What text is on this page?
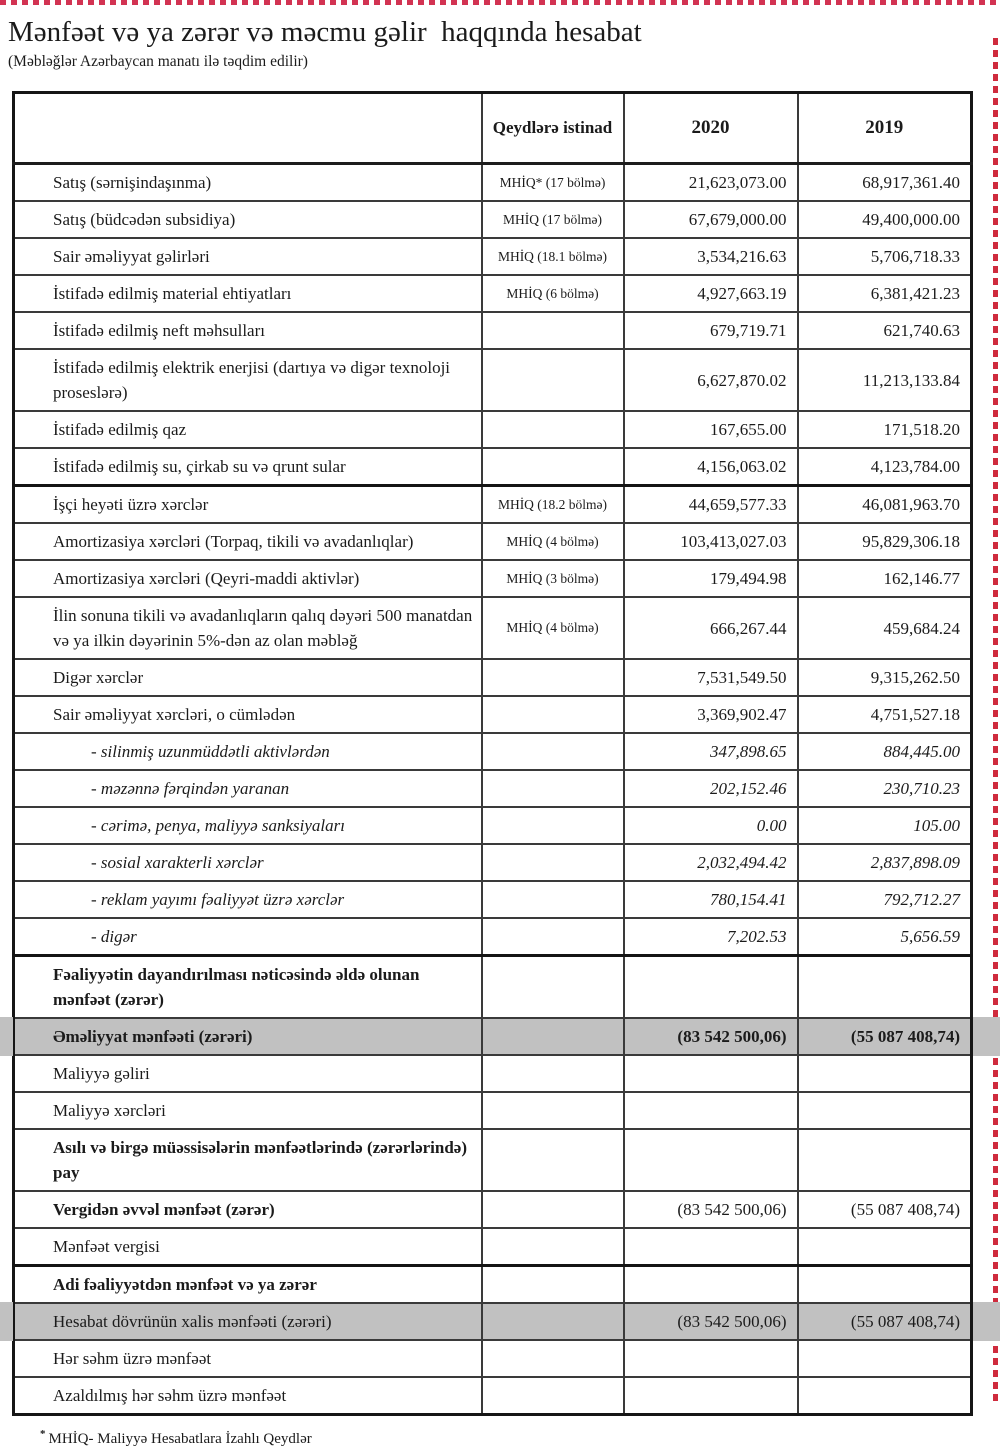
Mənfəət və ya zərər və məcmu gəlir  haqqında hesabat
(Məbləğlər Azərbaycan manatı ilə təqdim edilir)
	Qeydlərə istinad	2020	2019
Satış (sərnişindaşınma)	MHİQ* (17 bölmə)	21,623,073.00	68,917,361.40
Satış (büdcədən subsidiya)	MHİQ (17 bölmə)	67,679,000.00	49,400,000.00
Sair əməliyyat gəlirləri	MHİQ (18.1 bölmə)	3,534,216.63	5,706,718.33
İstifadə edilmiş material ehtiyatları	MHİQ (6 bölmə)	4,927,663.19	6,381,421.23
İstifadə edilmiş neft məhsulları		679,719.71	621,740.63
İstifadə edilmiş elektrik enerjisi (dartıya və digər texnoloji proseslərə)		6,627,870.02	11,213,133.84
İstifadə edilmiş qaz		167,655.00	171,518.20
İstifadə edilmiş su, çirkab su və qrunt sular		4,156,063.02	4,123,784.00
İşçi heyəti üzrə xərclər	MHİQ (18.2 bölmə)	44,659,577.33	46,081,963.70
Amortizasiya xərcləri (Torpaq, tikili və avadanlıqlar)	MHİQ (4 bölmə)	103,413,027.03	95,829,306.18
Amortizasiya xərcləri (Qeyri-maddi aktivlər)	MHİQ (3 bölmə)	179,494.98	162,146.77
İlin sonuna tikili və avadanlıqların qalıq dəyəri 500 manatdan və ya ilkin dəyərinin 5%-dən az olan məbləğ	MHİQ (4 bölmə)	666,267.44	459,684.24
Digər xərclər		7,531,549.50	9,315,262.50
Sair əməliyyat xərcləri, o cümlədən		3,369,902.47	4,751,527.18
- silinmiş uzunmüddətli aktivlərdən		347,898.65	884,445.00
- məzənnə fərqindən yaranan		202,152.46	230,710.23
- cərimə, penya, maliyyə sanksiyaları		0.00	105.00
- sosial xarakterli xərclər		2,032,494.42	2,837,898.09
- reklam yayımı fəaliyyət üzrə xərclər		780,154.41	792,712.27
- digər		7,202.53	5,656.59
Fəaliyyətin dayandırılması nəticəsində əldə olunan mənfəət (zərər)			
Əməliyyat mənfəəti (zərəri)		(83 542 500,06)	(55 087 408,74)
Maliyyə gəliri			
Maliyyə xərcləri			
Asılı və birgə müəssisələrin mənfəətlərində (zərərlərində) pay			
Vergidən əvvəl mənfəət (zərər)		(83 542 500,06)	(55 087 408,74)
Mənfəət vergisi			
Adi fəaliyyətdən mənfəət və ya zərər			
Hesabat dövrünün xalis mənfəəti (zərəri)		(83 542 500,06)	(55 087 408,74)
Hər səhm üzrə mənfəət			
Azaldılmış hər səhm üzrə mənfəət			
* MHİQ- Maliyyə Hesabatlara İzahlı Qeydlər
